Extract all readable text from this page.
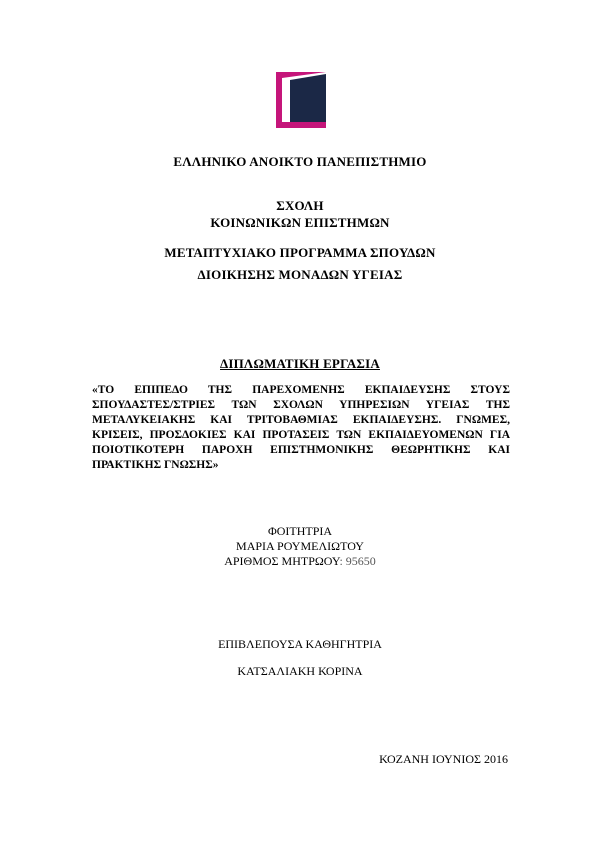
ΕΛΛΗΝΙΚΟ ΑΝΟΙΚΤΟ ΠΑΝΕΠΙΣΤΗΜΙΟ
ΣΧΟΛΗ
ΚΟΙΝΩΝΙΚΩΝ ΕΠΙΣΤΗΜΩΝ
ΜΕΤΑΠΤΥΧΙΑΚΟ ΠΡΟΓΡΑΜΜΑ ΣΠΟΥΔΩΝ
ΔΙΟΙΚΗΣΗΣ ΜΟΝΑΔΩΝ ΥΓΕΙΑΣ
ΔΙΠΛΩΜΑΤΙΚΗ ΕΡΓΑΣΙΑ
«ΤΟ ΕΠΙΠΕΔΟ ΤΗΣ ΠΑΡΕΧΟΜΕΝΗΣ ΕΚΠΑΙΔΕΥΣΗΣ ΣΤΟΥΣ
ΣΠΟΥΔΑΣΤΕΣ/ΣΤΡΙΕΣ ΤΩΝ ΣΧΟΛΩΝ ΥΠΗΡΕΣΙΩΝ ΥΓΕΙΑΣ ΤΗΣ
ΜΕΤΑΛΥΚΕΙΑΚΗΣ ΚΑΙ ΤΡΙΤΟΒΑΘΜΙΑΣ ΕΚΠΑΙΔΕΥΣΗΣ. ΓΝΩΜΕΣ,
ΚΡΙΣΕΙΣ, ΠΡΟΣΔΟΚΙΕΣ ΚΑΙ ΠΡΟΤΑΣΕΙΣ ΤΩΝ ΕΚΠΑΙΔΕΥΟΜΕΝΩΝ ΓΙΑ
ΠΟΙΟΤΙΚΟΤΕΡΗ ΠΑΡΟΧΗ ΕΠΙΣΤΗΜΟΝΙΚΗΣ ΘΕΩΡΗΤΙΚΗΣ ΚΑΙ
ΠΡΑΚΤΙΚΗΣ ΓΝΩΣΗΣ»
ΦΟΙΤΗΤΡΙΑ
ΜΑΡΙΑ ΡΟΥΜΕΛΙΩΤΟΥ
ΑΡΙΘΜΟΣ ΜΗΤΡΩΟΥ: 95650
ΕΠΙΒΛΕΠΟΥΣΑ ΚΑΘΗΓΗΤΡΙΑ
ΚΑΤΣΑΛΙΑΚΗ ΚΟΡΙΝΑ
ΚΟΖΑΝΗ ΙΟΥΝΙΟΣ 2016
